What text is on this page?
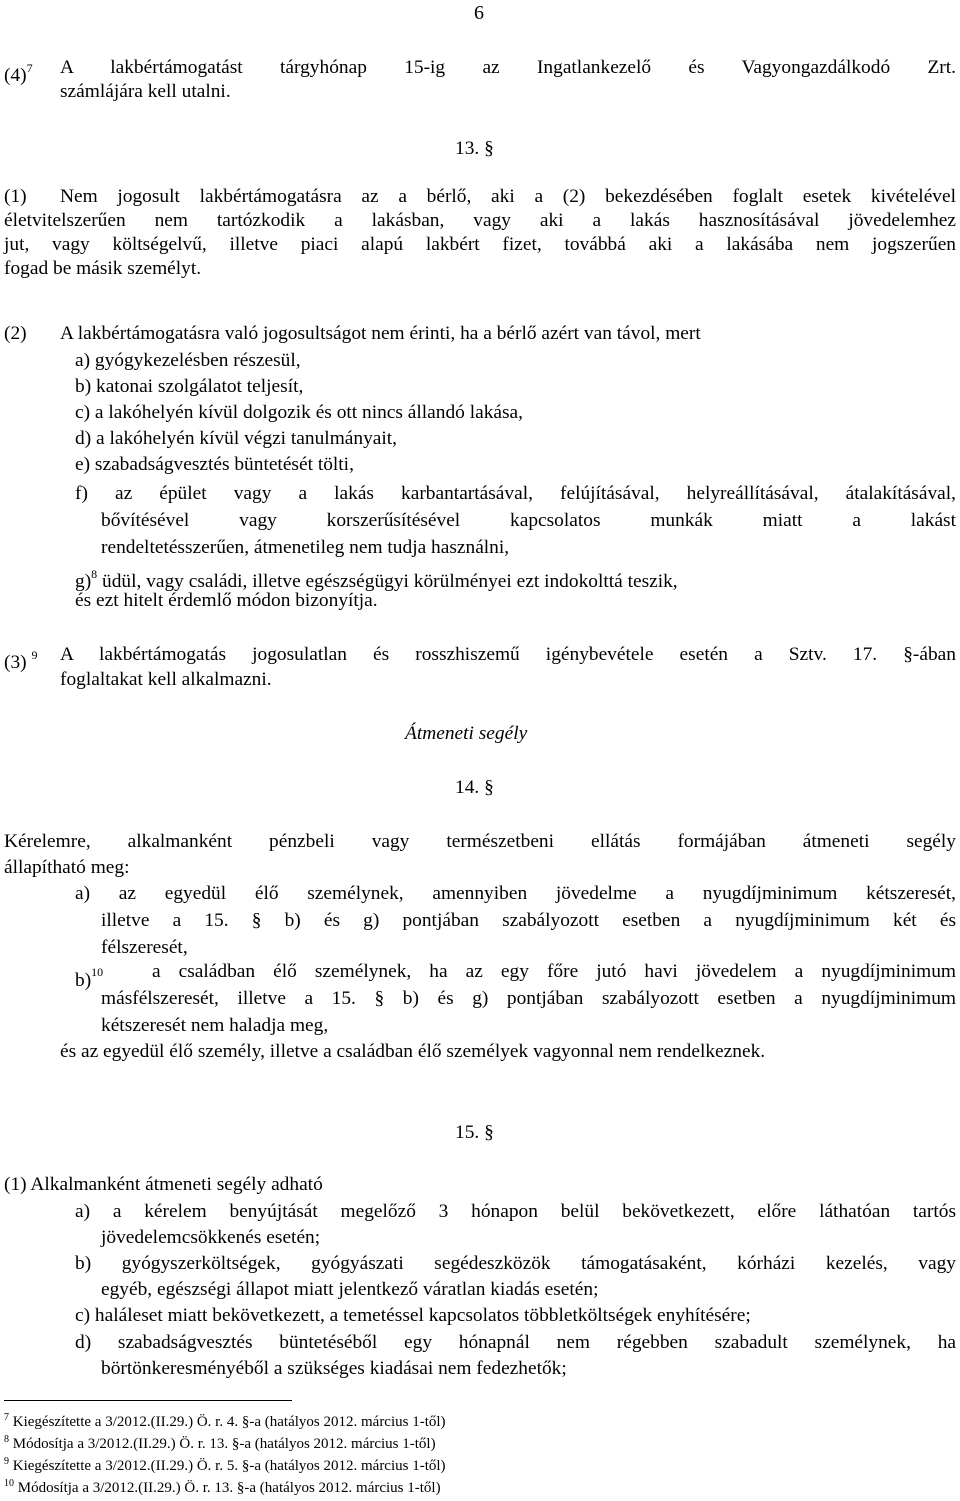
6
$(4)^7$ A lakbértámogatást tárgyhónap 15-ig az Ingatlankezelő és Vagyongazdálkodó Zrt.
számlájára kell utalni.
13. §
(1) Nem jogosult lakbértámogatásra az a bérlő, aki a (2) bekezdésében foglalt esetek kivételével
életvitelszerűen nem tartózkodik a lakásban, vagy aki a lakás hasznosításával jövedelemhez
jut, vagy költségelvű, illetve piaci alapú lakbért fizet, továbbá aki a lakásába nem jogszerűen
fogad be másik személyt.
(2) A lakbértámogatásra való jogosultságot nem érinti, ha a bérlő azért van távol, mert
a) gyógykezelésben részesül,
b) katonai szolgálatot teljesít,
c) a lakóhelyén kívül dolgozik és ott nincs állandó lakása,
d) a lakóhelyén kívül végzi tanulmányait,
e) szabadságvesztés büntetését tölti,
f) az épület vagy a lakás karbantartásával, felújításával, helyreállításával, átalakításával,
bővítésével vagy korszerűsítésével kapcsolatos munkák miatt a lakást
rendeltetésszerűen, átmenetileg nem tudja használni,
g)$^8$ üdül, vagy családi, illetve egészségügyi körülményei ezt indokolttá teszik,
és ezt hitelt érdemlő módon bizonyítja.
(3) $^9$ A lakbértámogatás jogosulatlan és rosszhiszemű igénybevétele esetén a Sztv. 17. §-ában
foglaltakat kell alkalmazni.
Átmeneti segély
14. §
Kérelemre, alkalmanként pénzbeli vagy természetbeni ellátás formájában átmeneti segély
állapítható meg:
a) az egyedül élő személynek, amennyiben jövedelme a nyugdíjminimum kétszeresét,
illetve a 15. § b) és g) pontjában szabályozott esetben a nyugdíjminimum két és
félszeresét,
b)$^{10}$	a családban élő személynek, ha az egy főre jutó havi jövedelem a nyugdíjminimum
másfélszeresét, illetve a 15. § b) és g) pontjában szabályozott esetben a nyugdíjminimum
kétszeresét nem haladja meg,
és az egyedül élő személy, illetve a családban élő személyek vagyonnal nem rendelkeznek.
15. §
(1) Alkalmanként átmeneti segély adható
a) a kérelem benyújtását megelőző 3 hónapon belül bekövetkezett, előre láthatóan tartós
jövedelemcsökkenés esetén;
b) gyógyszerköltségek, gyógyászati segédeszközök támogatásaként, kórházi kezelés, vagy
egyéb, egészségi állapot miatt jelentkező váratlan kiadás esetén;
c) haláleset miatt bekövetkezett, a temetéssel kapcsolatos többletköltségek enyhítésére;
d) szabadságvesztés büntetéséből egy hónapnál nem régebben szabadult személynek, ha
börtönkeresményéből a szükséges kiadásai nem fedezhetők;
$^7$ Kiegészítette a 3/2012.(II.29.) Ö. r. 4. §-a (hatályos 2012. március 1-től)
$^8$ Módosítja a 3/2012.(II.29.) Ö. r. 13. §-a (hatályos 2012. március 1-től)
$^9$ Kiegészítette a 3/2012.(II.29.) Ö. r. 5. §-a (hatályos 2012. március 1-től)
$^{10}$ Módosítja a 3/2012.(II.29.) Ö. r. 13. §-a (hatályos 2012. március 1-től)
